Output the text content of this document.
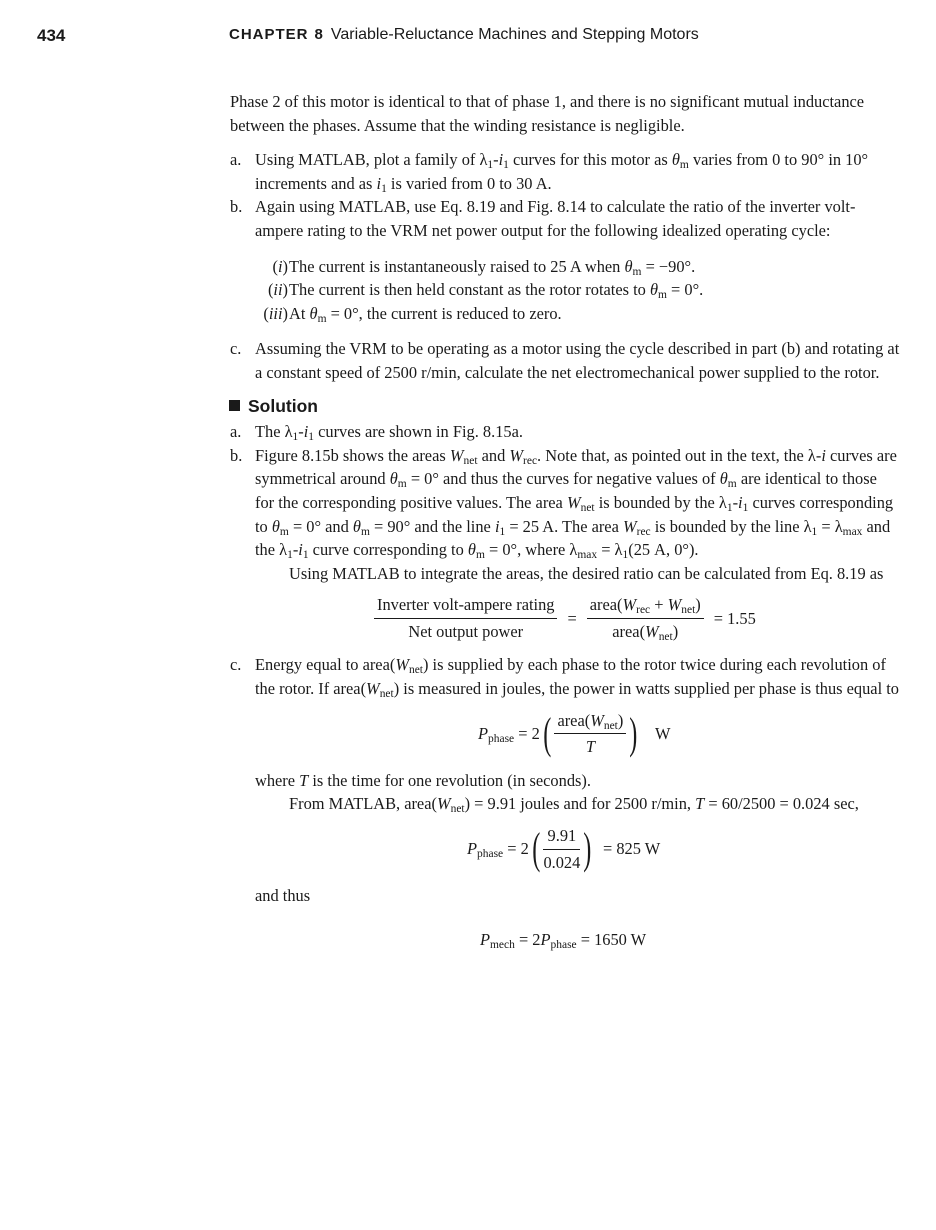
434	CHAPTER 8 Variable-Reluctance Machines and Stepping Motors

Phase 2 of this motor is identical to that of phase 1, and there is no significant mutual inductance between the phases. Assume that the winding resistance is negligible.

a. Using MATLAB, plot a family of $\lambda_1-i_1$ curves for this motor as $\theta_m$ varies from 0 to 90° in 10° increments and as $i_1$ is varied from 0 to 30 A.
b. Again using MATLAB, use Eq. 8.19 and Fig. 8.14 to calculate the ratio of the inverter volt-ampere rating to the VRM net power output for the following idealized operating cycle:
(i) The current is instantaneously raised to 25 A when $\theta_m = -90^\circ$.
(ii) The current is then held constant as the rotor rotates to $\theta_m = 0^\circ$.
(iii) At $\theta_m = 0^\circ$, the current is reduced to zero.
c. Assuming the VRM to be operating as a motor using the cycle described in part (b) and rotating at a constant speed of 2500 r/min, calculate the net electromechanical power supplied to the rotor.
Solution
a. The $\lambda_1-i_1$ curves are shown in Fig. 8.15a.
b. Figure 8.15b shows the areas $W_{net}$ and $W_{rec}$. Note that, as pointed out in the text, the λ-i curves are symmetrical around $\theta_m = 0^\circ$ and thus the curves for negative values of $\theta_m$ are identical to those for the corresponding positive values. The area $W_{net}$ is bounded by the $\lambda_1-i_1$ curves corresponding to $\theta_m = 0^\circ$ and $\theta_m = 90^\circ$ and the line $i_1 = 25$ A. The area $W_{rec}$ is bounded by the line $\lambda_1 = \lambda_{max}$ and the $\lambda_1-i_1$ curve corresponding to $\theta_m = 0^\circ$, where $\lambda_{max} = \lambda_1(25$ A, 0°).

Using MATLAB to integrate the areas, the desired ratio can be calculated from Eq. 8.19 as

$\frac{\text{Inverter volt-ampere rating}}{\text{Net output power}} = \frac{area(W_{rec} + W_{net})}{area(W_{net})} = 1.55$
c. Energy equal to $area(W_{net})$ is supplied by each phase to the rotor twice during each revolution of the rotor. If $area(W_{net})$ is measured in joules, the power in watts supplied per phase is thus equal to
$P_{phase} = 2$ ( $\frac{area(W_{net})}{T}$ ) W

where T is the time for one revolution (in seconds).

From MATLAB, $area(W_{net}) = 9.91$ joules and for 2500 r/min, T = 60/2500 = 0.024 sec,

$P_{phase} = 2$ ( $\frac{9.91}{0.024}$ ) = 825 W

and thus

$P_{mech} = 2P_{phase} = 1650$ W
